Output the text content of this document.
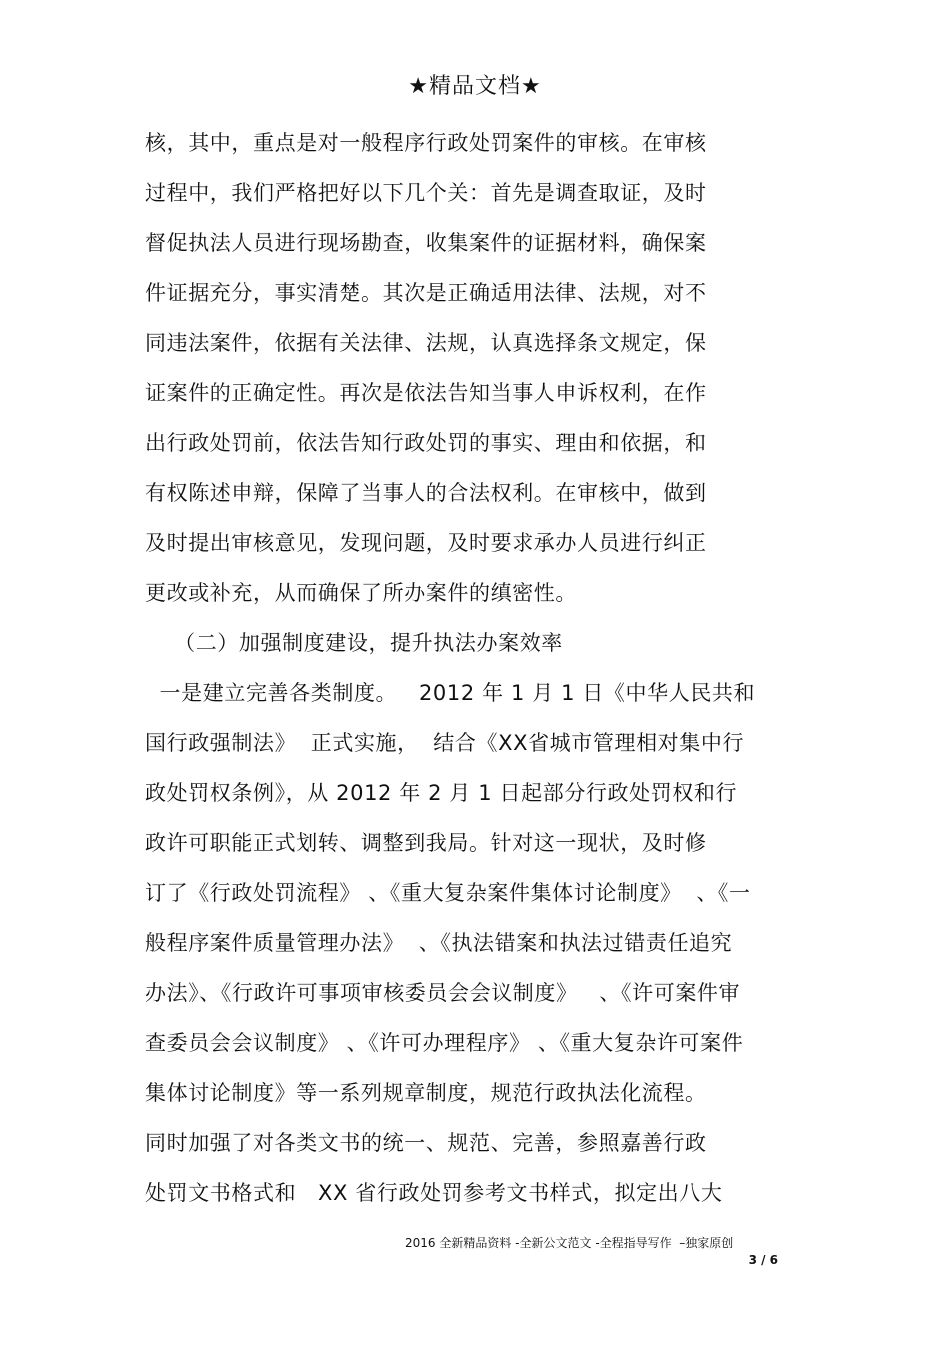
★精品文档★
核，其中，重点是对一般程序行政处罚案件的审核。在审核
过程中，我们严格把好以下几个关：首先是调查取证，及时
督促执法人员进行现场勘查，收集案件的证据材料，确保案
件证据充分，事实清楚。其次是正确适用法律、法规，对不
同违法案件，依据有关法律、法规，认真选择条文规定，保
证案件的正确定性。再次是依法告知当事人申诉权利，在作
出行政处罚前，依法告知行政处罚的事实、理由和依据，和
有权陈述申辩，保障了当事人的合法权利。在审核中，做到
及时提出审核意见，发现问题，及时要求承办人员进行纠正
更改或补充，从而确保了所办案件的缜密性。
（二）加强制度建设，提升执法办案效率
一是建立完善各类制度。   2012 年 1 月 1 日《中华人民共和
国行政强制法》  正式实施，  结合《XX省城市管理相对集中行
政处罚权条例》，从 2012 年 2 月 1 日起部分行政处罚权和行
政许可职能正式划转、调整到我局。针对这一现状，及时修
订了《行政处罚流程》 、《重大复杂案件集体讨论制度》  、《一
般程序案件质量管理办法》  、《执法错案和执法过错责任追究
办法》、《行政许可事项审核委员会会议制度》   、《许可案件审
查委员会会议制度》 、《许可办理程序》 、《重大复杂许可案件
集体讨论制度》等一系列规章制度，规范行政执法化流程。
同时加强了对各类文书的统一、规范、完善，参照嘉善行政
处罚文书格式和   XX 省行政处罚参考文书样式，拟定出八大
2016 全新精品资料 -全新公文范文 -全程指导写作  –独家原创
3 / 6
